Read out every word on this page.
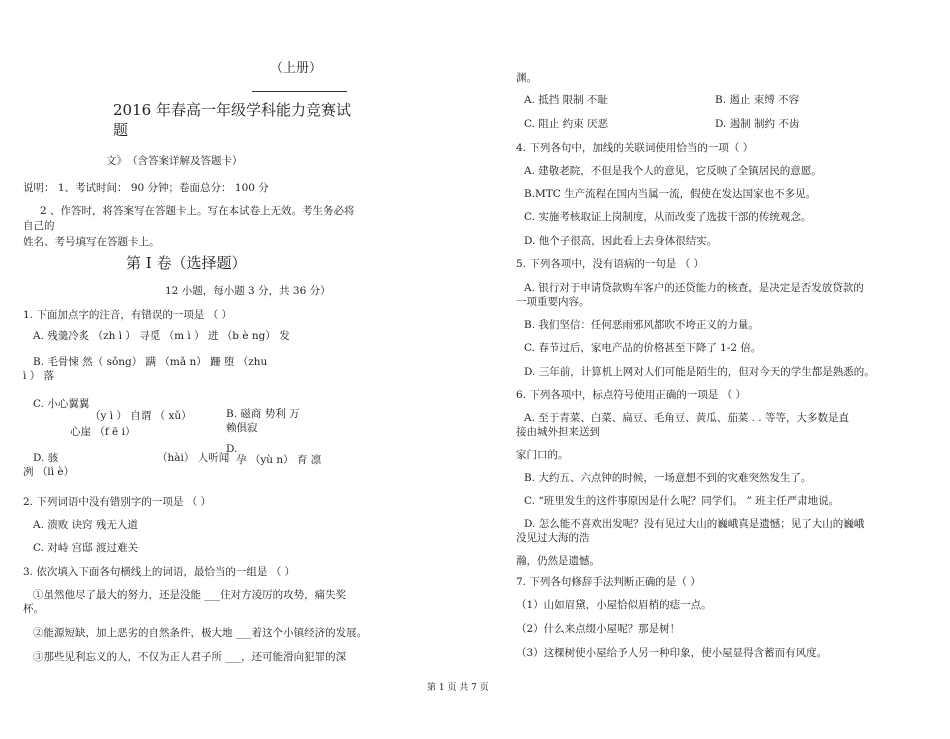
（上册）
2016 年春高一年级学科能力竞赛试
题
文》　（含答案详解及答题卡）
说明： 1、考试时间： 90 分钟；卷面总分： 100 分
2 、作答时，将答案写在答题卡上。写在本试卷上无效。考生务必将
自己的
姓名、考号填写在答题卡上。
第 I 卷（选择题）
12 小题，每小题 3 分，共 36 分）
1. 下面加点字的注音，有错误的一项是 （ ）
A. 残羹冷炙 （zh ì ） 寻觅 （m ì ） 迸 （b è ng） 发
B. 毛骨悚 然（ sǒng） 蹒 （mǎ n） 跚 堕 （zhu
ì ） 落
C. 小心翼翼
（y ì ） 自谓 （ xǔ）
心崖 （f ē i）
B. 磁商 势利 万
赖俱寂
D. 骇	（hài） 人听闻
D.
孕 （yù n） 育 凛
冽 （lì è）
2. 下列词语中没有错别字的一项是 （ ）
A. 溃败 诀窍 残无人道
C. 对峙 宫邸 渡过难关
3. 依次填入下面各句横线上的词语，最恰当的一组是 （ ）
①虽然他尽了最大的努力，还是没能 ___住对方凌厉的攻势，痛失奖
杯。
②能源短缺，加上恶劣的自然条件，极大地 ___着这个小镇经济的发展。
③那些见利忘义的人，不仅为正人君子所 ___，还可能滑向犯罪的深
渊。
A. 抵挡 限制 不耻	B. 遏止 束缚 不容
C. 阻止 约束 厌恶	D. 遏制 制约 不齿
4. 下列各句中，加线的关联词使用恰当的一项（ ）
A. 建敬老院，不但是我个人的意见，它反映了全镇居民的意愿。
B.MTC 生产流程在国内当属一流，假使在发达国家也不多见。
C. 实施考核取证上岗制度，从而改变了选拔干部的传统观念。
D. 他个子很高，因此看上去身体很结实。
5. 下列各项中，没有语病的一句是 （ ）
A. 银行对于申请贷款购车客户的还贷能力的核查，是决定是否发放贷款的
一项重要内容。
B. 我们坚信：任何恶雨邪风都吹不垮正义的力量。
C. 春节过后，家电产品的价格甚至下降了 1-2 倍。
D. 三年前，计算机上网对人们可能是陌生的，但对今天的学生都是熟悉的。
6. 下列各项中，标点符号使用正确的一项是 （ ）
A. 至于青菜、白菜、扁豆、毛角豆、黄瓜、茄菜 . . 等等，大多数是直
接由城外担来送到
家门口的。
B. 大约五、六点钟的时候，一场意想不到的灾难突然发生了。
C. “班里发生的这件事原因是什么呢？同学们。 ” 班主任严肃地说。
D. 怎么能不喜欢出发呢？没有见过大山的巍峨真是遗憾；见了大山的巍峨
没见过大海的浩
瀚，仍然是遗憾。
7. 下列各句修辞手法判断正确的是（ ）
（1）山如眉黛，小屋恰似眉梢的痣一点。
（2）什么来点缀小屋呢？那是树！
（3）这棵树使小屋给予人另一种印象，使小屋显得含蓄而有风度。
第 1 页 共 7 页
